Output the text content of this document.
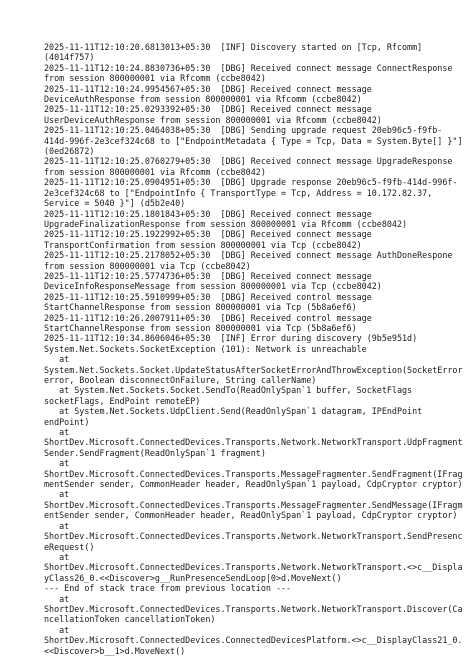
2025-11-11T12:10:20.6813013+05:30  [INF] Discovery started on [Tcp, Rfcomm]
(4014f757)
2025-11-11T12:10:24.8830736+05:30  [DBG] Received connect message ConnectResponse
from session 800000001 via Rfcomm (ccbe8042)
2025-11-11T12:10:24.9954567+05:30  [DBG] Received connect message
DeviceAuthResponse from session 800000001 via Rfcomm (ccbe8042)
2025-11-11T12:10:25.0293392+05:30  [DBG] Received connect message
UserDeviceAuthResponse from session 800000001 via Rfcomm (ccbe8042)
2025-11-11T12:10:25.0464038+05:30  [DBG] Sending upgrade request 20eb96c5-f9fb-
414d-996f-2e3cef324c68 to ["EndpointMetadata { Type = Tcp, Data = System.Byte[] }"]
(0ed26872)
2025-11-11T12:10:25.0760279+05:30  [DBG] Received connect message UpgradeResponse
from session 800000001 via Rfcomm (ccbe8042)
2025-11-11T12:10:25.0904951+05:30  [DBG] Upgrade response 20eb96c5-f9fb-414d-996f-
2e3cef324c68 to ["EndpointInfo { TransportType = Tcp, Address = 10.172.82.37,
Service = 5040 }"] (d5b2e40)
2025-11-11T12:10:25.1801843+05:30  [DBG] Received connect message
UpgradeFinalizationResponse from session 800000001 via Rfcomm (ccbe8042)
2025-11-11T12:10:25.1922992+05:30  [DBG] Received connect message
TransportConfirmation from session 800000001 via Tcp (ccbe8042)
2025-11-11T12:10:25.2178052+05:30  [DBG] Received connect message AuthDoneRespone
from session 800000001 via Tcp (ccbe8042)
2025-11-11T12:10:25.5774736+05:30  [DBG] Received connect message
DeviceInfoResponseMessage from session 800000001 via Tcp (ccbe8042)
2025-11-11T12:10:25.5910999+05:30  [DBG] Received control message
StartChannelResponse from session 800000001 via Tcp (5b8a6ef6)
2025-11-11T12:10:26.2007911+05:30  [DBG] Received control message
StartChannelResponse from session 800000001 via Tcp (5b8a6ef6)
2025-11-11T12:10:34.8606046+05:30  [INF] Error during discovery (9b5e951d)
System.Net.Sockets.SocketException (101): Network is unreachable
at
System.Net.Sockets.Socket.UpdateStatusAfterSocketErrorAndThrowException(SocketError
error, Boolean disconnectOnFailure, String callerName)
at System.Net.Sockets.Socket.SendTo(ReadOnlySpan`1 buffer, SocketFlags
socketFlags, EndPoint remoteEP)
at System.Net.Sockets.UdpClient.Send(ReadOnlySpan`1 datagram, IPEndPoint
endPoint)
at
ShortDev.Microsoft.ConnectedDevices.Transports.Network.NetworkTransport.UdpFragment
Sender.SendFragment(ReadOnlySpan`1 fragment)
at
ShortDev.Microsoft.ConnectedDevices.Transports.MessageFragmenter.SendFragment(IFrag
mentSender sender, CommonHeader header, ReadOnlySpan`1 payload, CdpCryptor cryptor)
at
ShortDev.Microsoft.ConnectedDevices.Transports.MessageFragmenter.SendMessage(IFragm
entSender sender, CommonHeader header, ReadOnlySpan`1 payload, CdpCryptor cryptor)
at
ShortDev.Microsoft.ConnectedDevices.Transports.Network.NetworkTransport.SendPresenc
eRequest()
at
ShortDev.Microsoft.ConnectedDevices.Transports.Network.NetworkTransport.<>c__Displa
yClass26_0.<<Discover>g__RunPresenceSendLoop|0>d.MoveNext()
--- End of stack trace from previous location ---
at
ShortDev.Microsoft.ConnectedDevices.Transports.Network.NetworkTransport.Discover(Ca
ncellationToken cancellationToken)
at
ShortDev.Microsoft.ConnectedDevices.ConnectedDevicesPlatform.<>c__DisplayClass21_0.
<<Discover>b__1>d.MoveNext()
